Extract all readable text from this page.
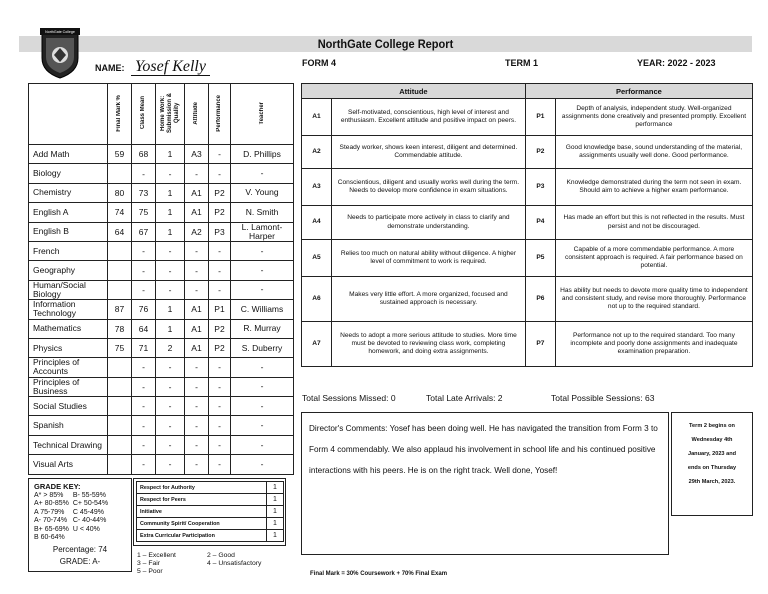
NorthGate College Report
NorthGate College
NAME: Yosef Kelly	FORM 4	TERM 1	YEAR: 2022 - 2023
	Final Mark %	Class Mean	Home Work: Submission & Quality	Attitude	Performance	Teacher
Add Math	59	68	1	A3	-	D. Phillips
Biology		-	-	-	-	-
Chemistry	80	73	1	A1	P2	V. Young
English A	74	75	1	A1	P2	N. Smith
English B	64	67	1	A2	P3	L. Lamont-Harper
French		-	-	-	-	-
Geography		-	-	-	-	-
Human/Social Biology		-	-	-	-	-
Information Technology	87	76	1	A1	P1	C. Williams
Mathematics	78	64	1	A1	P2	R. Murray
Physics	75	71	2	A1	P2	S. Duberry
Principles of Accounts		-	-	-	-	-
Principles of Business		-	-	-	-	-
Social Studies		-	-	-	-	-
Spanish		-	-	-	-	-
Technical Drawing		-	-	-	-	-
Visual Arts		-	-	-	-	-
Attitude		Performance	
A1	Self-motivated, conscientious, high level of interest and enthusiasm. Excellent attitude and positive impact on peers.	P1	Depth of analysis, independent study. Well-organized assignments done creatively and presented promptly. Excellent performance
A2	Steady worker, shows keen interest, diligent and determined. Commendable attitude.	P2	Good knowledge base, sound understanding of the material, assignments usually well done. Good performance.
A3	Conscientious, diligent and usually works well during the term. Needs to develop more confidence in exam situations.	P3	Knowledge demonstrated during the term not seen in exam. Should aim to achieve a higher exam performance.
A4	Needs to participate more actively in class to clarify and demonstrate understanding.	P4	Has made an effort but this is not reflected in the results. Must persist and not be discouraged.
A5	Relies too much on natural ability without diligence. A higher level of commitment to work is required.	P5	Capable of a more commendable performance. A more consistent approach is required. A fair performance based on potential.
A6	Makes very little effort. A more organized, focused and sustained approach is necessary.	P6	Has ability but needs to devote more quality time to independent and consistent study, and revise more thoroughly. Performance not up to the required standard.
A7	Needs to adopt a more serious attitude to studies. More time must be devoted to reviewing class work, completing homework, and doing extra assignments.	P7	Performance not up to the required standard. Too many incomplete and poorly done assignments and inadequate examination preparation.
Total Sessions Missed: 0	Total Late Arrivals: 2	Total Possible Sessions: 63
Director's Comments: Yosef has been doing well. He has navigated the transition from Form 3 to Form 4 commendably. We also applaud his involvement in school life and his continued positive interactions with his peers. He is on the right track. Well done, Yosef!
Term 2 begins on
Wednesday 4th
January, 2023 and
ends on Thursday
29th March, 2023.
GRADE KEY:
A* > 85%
A+ 80-85%
A 75-79%
A- 70-74%
B+ 65-69%
B 60-64%
B- 55-59%
C+ 50-54%
C 45-49%
C- 40-44%
U < 40%
Percentage: 74
GRADE: A-
Respect for Authority	1
Respect for Peers	1
Initiative	1
Community Spirit/ Cooperation	1
Extra Curricular Participation	1
1 – Excellent	2 – Good
3 – Fair	4 – Unsatisfactory
5 – Poor	Final Mark = 30% Coursework + 70% Final Exam
